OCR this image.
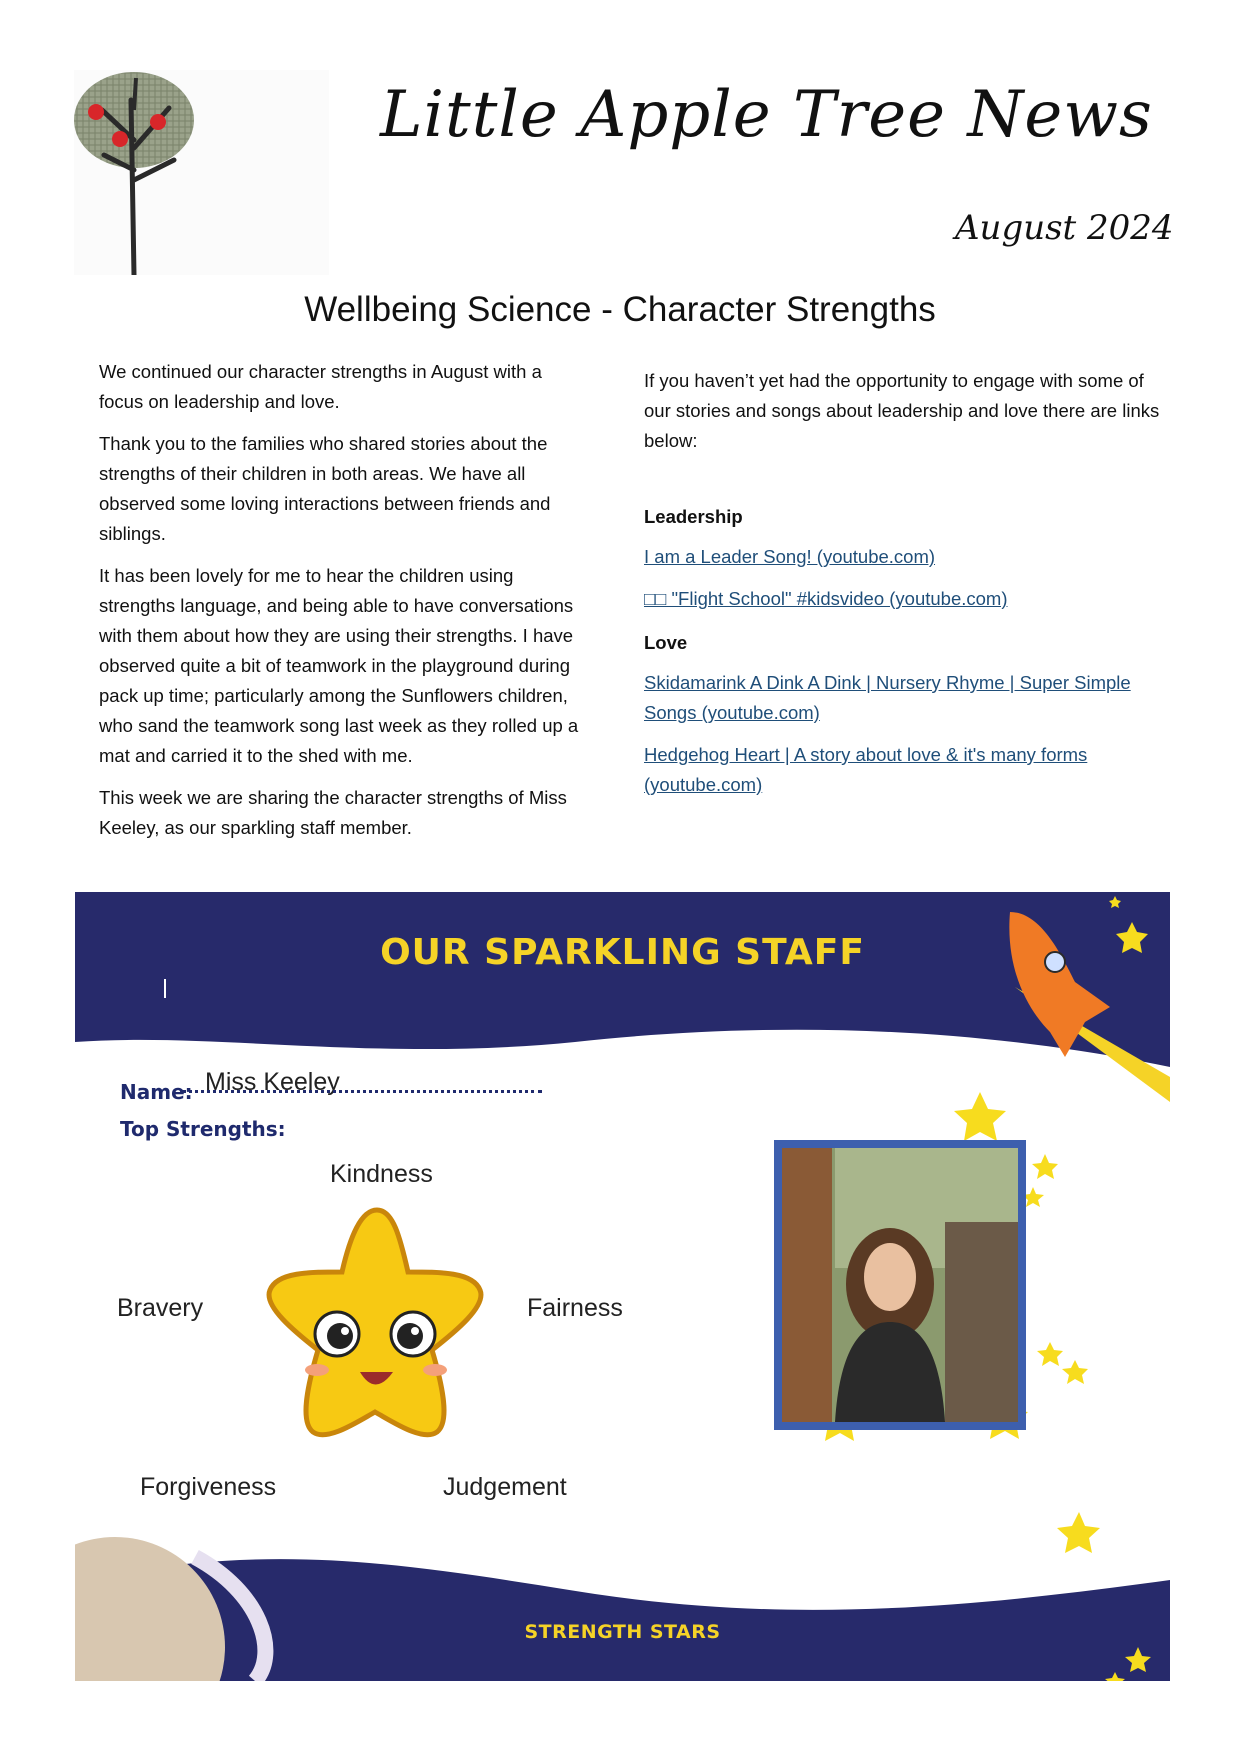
Little Apple Tree News
August 2024
Wellbeing Science - Character Strengths

We continued our character strengths in August with a focus on leadership and love.

Thank you to the families who shared stories about the strengths of their children in both areas. We have all observed some loving interactions between friends and siblings.

It has been lovely for me to hear the children using strengths language, and being able to have conversations with them about how they are using their strengths. I have observed quite a bit of teamwork in the playground during pack up time; particularly among the Sunflowers children, who sand the teamwork song last week as they rolled up a mat and carried it to the shed with me.

This week we are sharing the character strengths of Miss Keeley, as our sparkling staff member.

If you haven’t yet had the opportunity to engage with some of our stories and songs about leadership and love there are links below:

Leadership
I am a Leader Song! (youtube.com)
□□ "Flight School" #kidsvideo (youtube.com)
Love
Skidamarink A Dink A Dink | Nursery Rhyme | Super Simple Songs (youtube.com)
Hedgehog Heart | A story about love & it's many forms (youtube.com)
OUR SPARKLING STAFF
Miss Keeley
Name:
Top Strengths:
Kindness
Bravery	Fairness
Forgiveness	Judgement
STRENGTH STARS
